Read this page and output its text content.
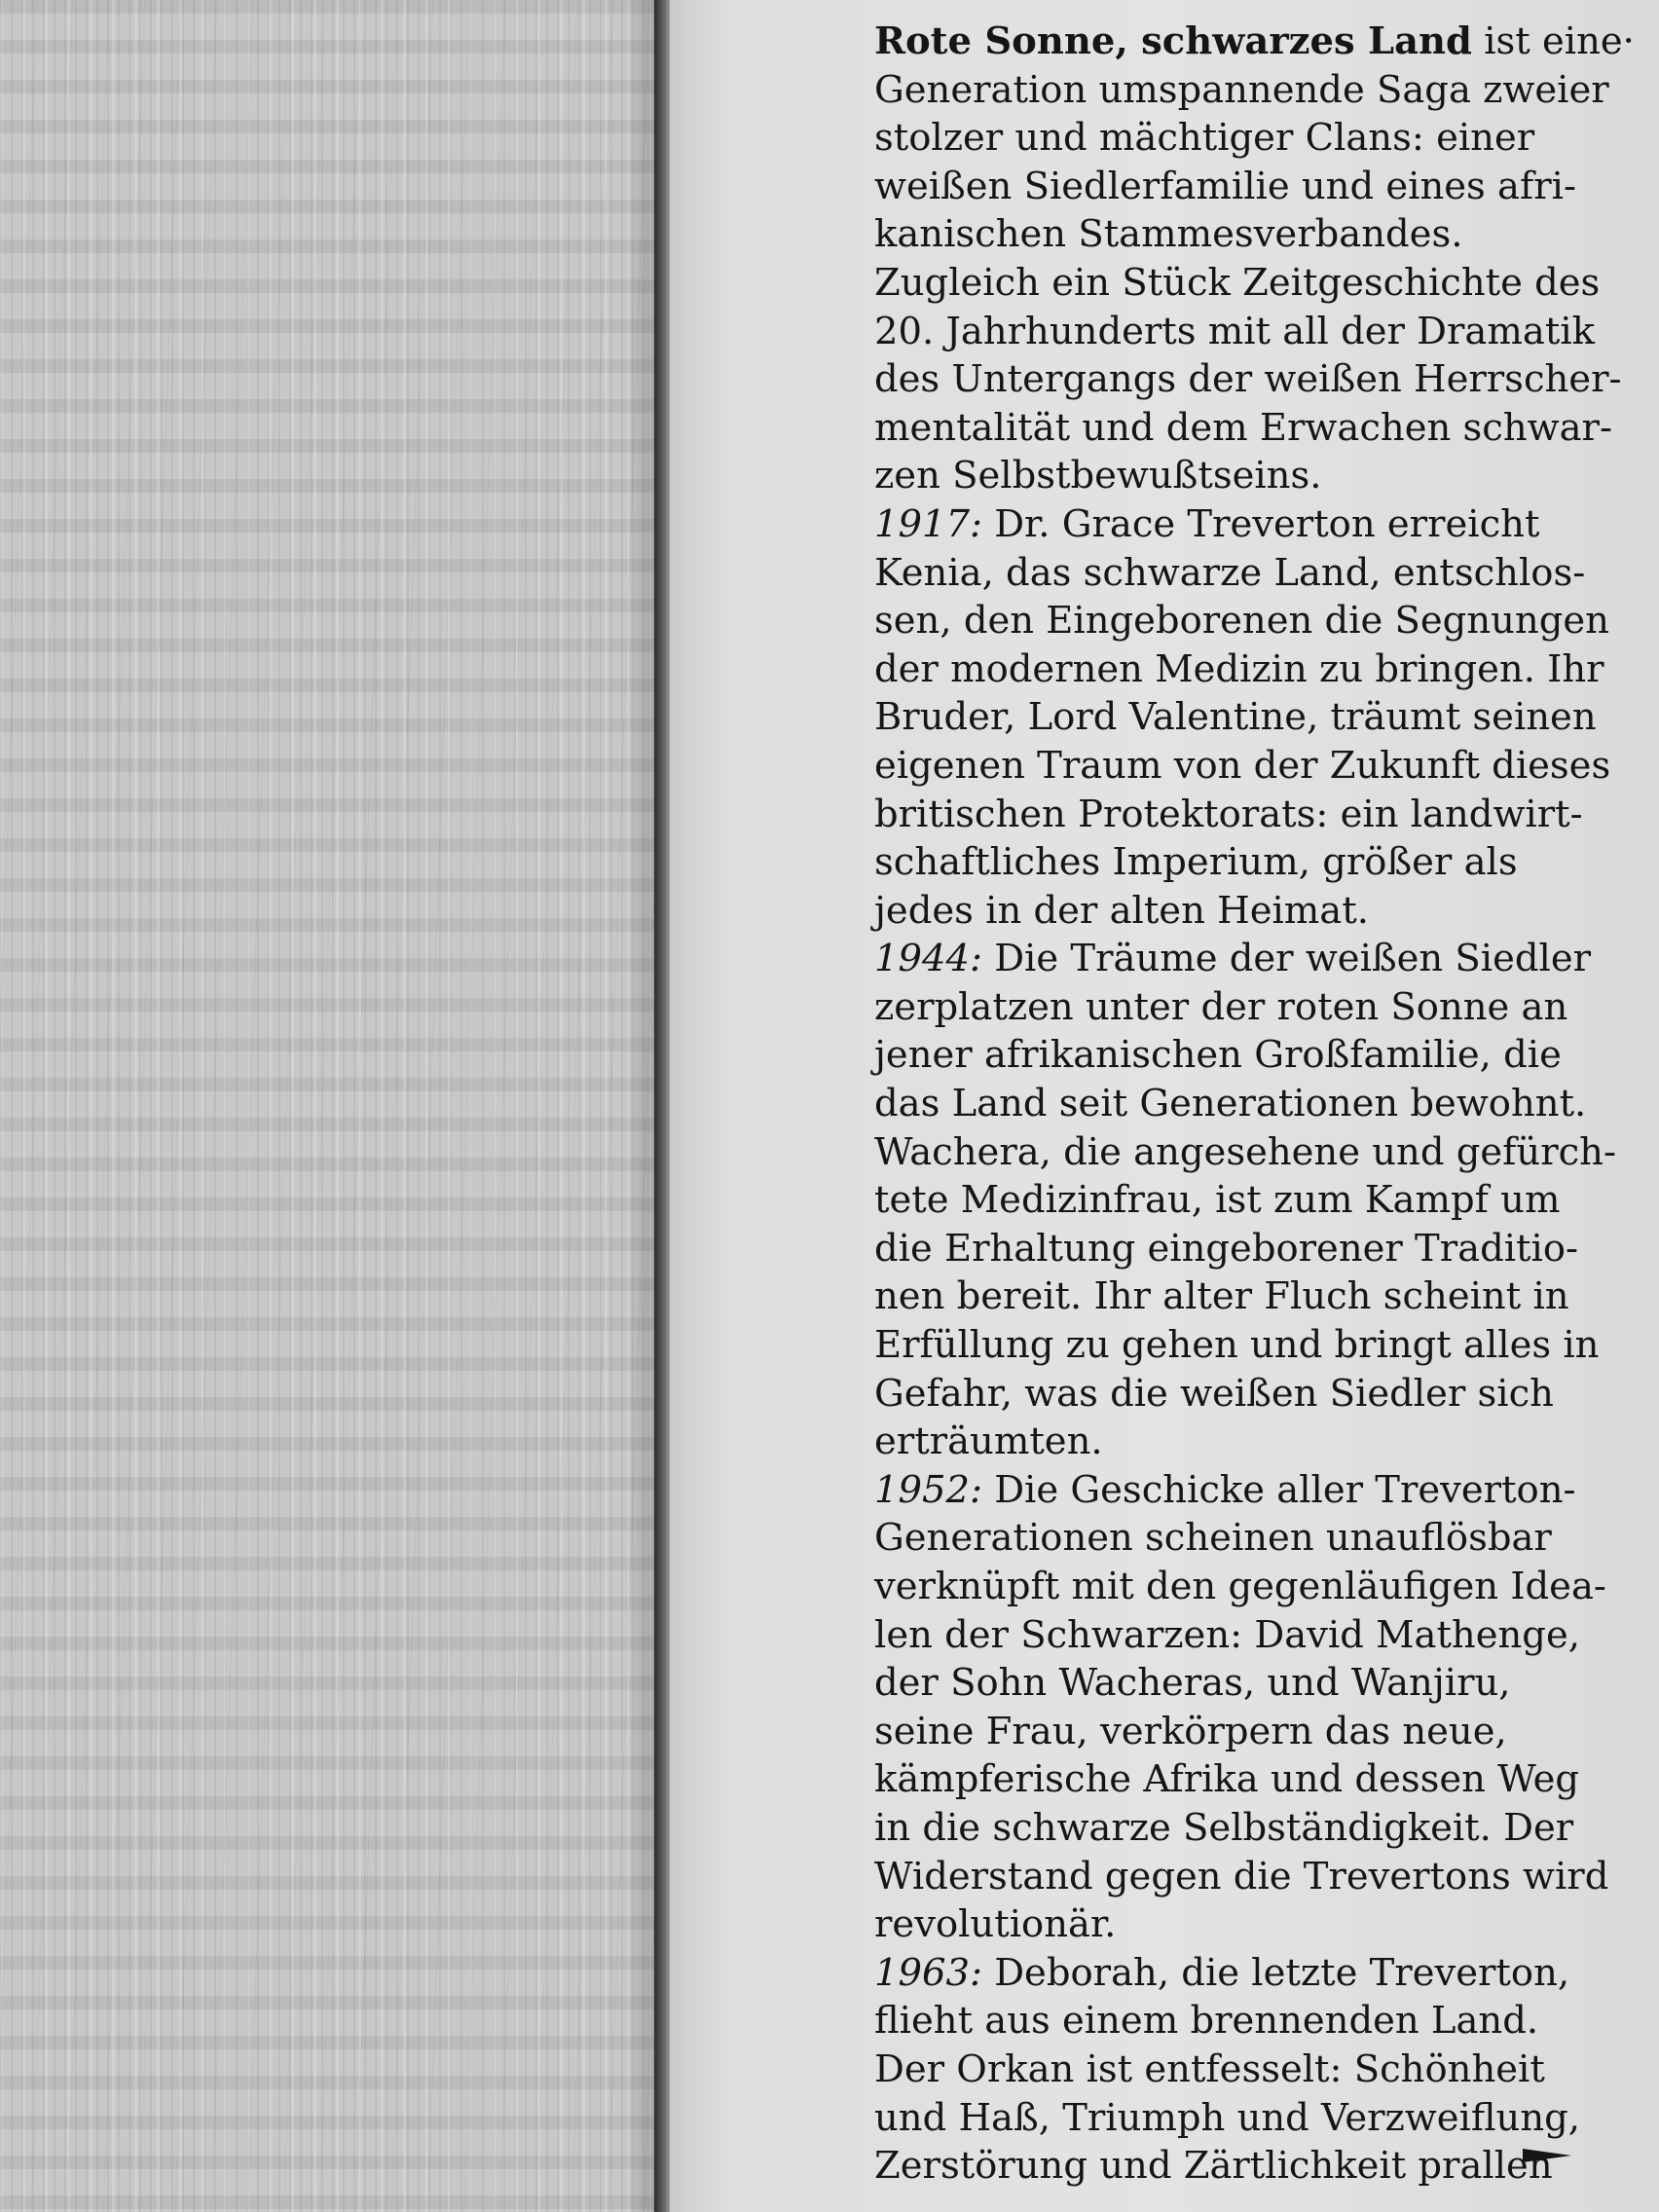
Rote Sonne, schwarzes Land ist eine·
Generation umspannende Saga zweier
stolzer und mächtiger Clans: einer
weißen Siedlerfamilie und eines afri-
kanischen Stammesverbandes.
Zugleich ein Stück Zeitgeschichte des
20. Jahrhunderts mit all der Dramatik
des Untergangs der weißen Herrscher-
mentalität und dem Erwachen schwar-
zen Selbstbewußtseins.
1917: Dr. Grace Treverton erreicht
Kenia, das schwarze Land, entschlos-
sen, den Eingeborenen die Segnungen
der modernen Medizin zu bringen. Ihr
Bruder, Lord Valentine, träumt seinen
eigenen Traum von der Zukunft dieses
britischen Protektorats: ein landwirt-
schaftliches Imperium, größer als
jedes in der alten Heimat.
1944: Die Träume der weißen Siedler
zerplatzen unter der roten Sonne an
jener afrikanischen Großfamilie, die
das Land seit Generationen bewohnt.
Wachera, die angesehene und gefürch-
tete Medizinfrau, ist zum Kampf um
die Erhaltung eingeborener Traditio-
nen bereit. Ihr alter Fluch scheint in
Erfüllung zu gehen und bringt alles in
Gefahr, was die weißen Siedler sich
erträumten.
1952: Die Geschicke aller Treverton-
Generationen scheinen unauflösbar
verknüpft mit den gegenläufigen Idea-
len der Schwarzen: David Mathenge,
der Sohn Wacheras, und Wanjiru,
seine Frau, verkörpern das neue,
kämpferische Afrika und dessen Weg
in die schwarze Selbständigkeit. Der
Widerstand gegen die Trevertons wird
revolutionär.
1963: Deborah, die letzte Treverton,
flieht aus einem brennenden Land.
Der Orkan ist entfesselt: Schönheit
und Haß, Triumph und Verzweiflung,
Zerstörung und Zärtlichkeit prallen
